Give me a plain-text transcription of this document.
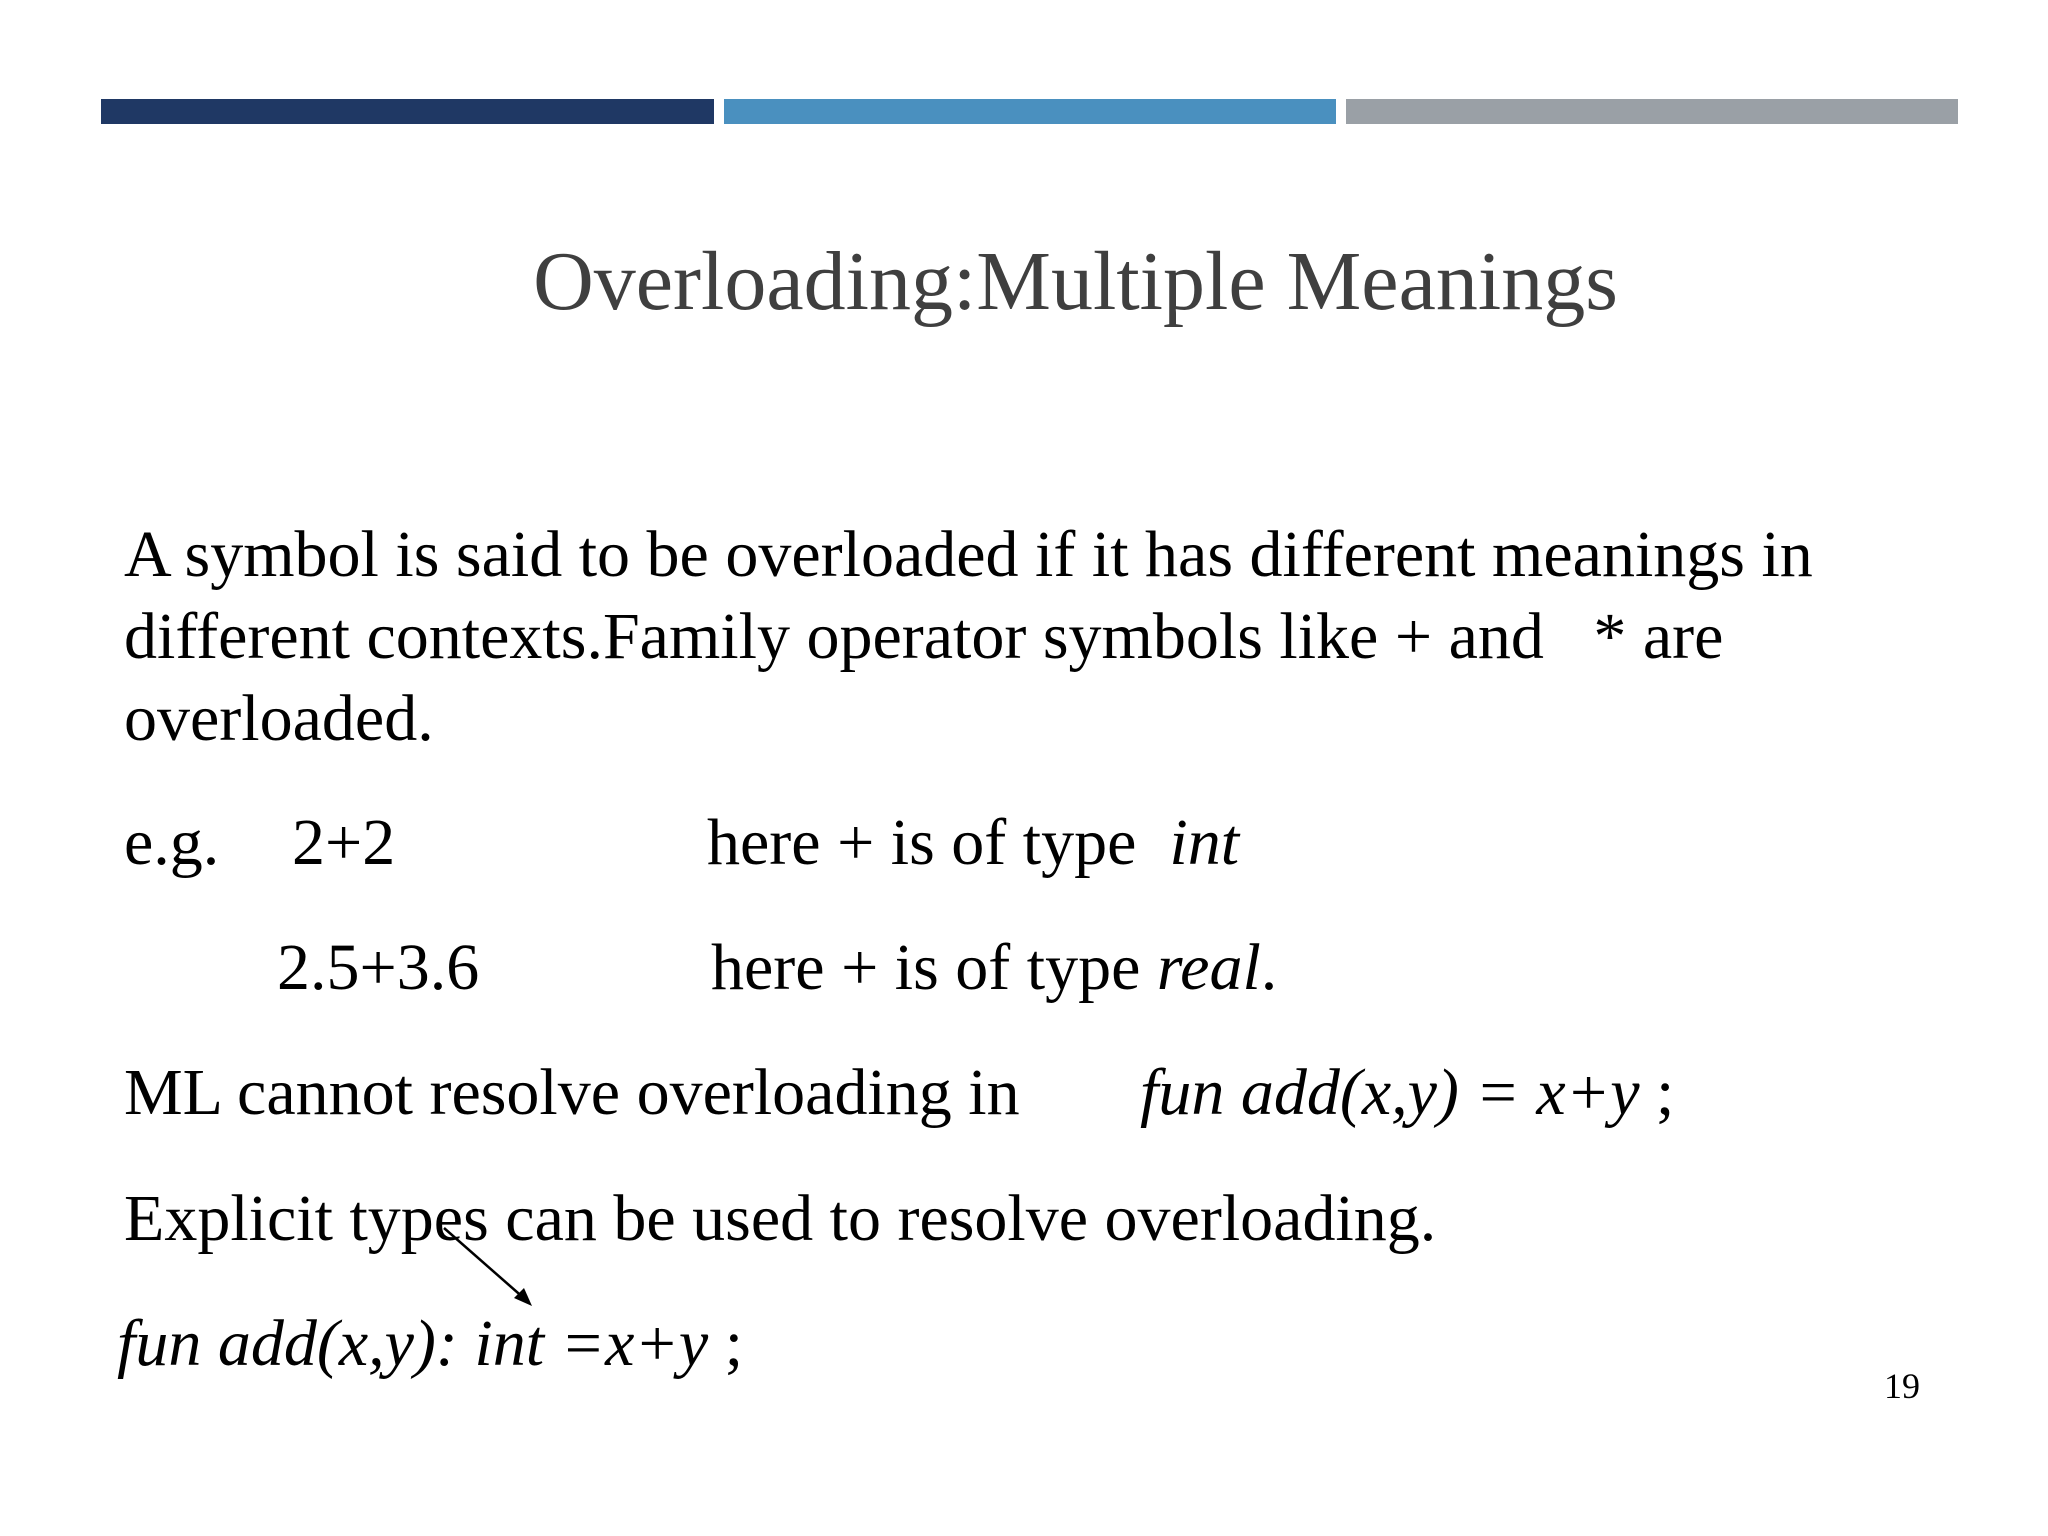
Overloading:Multiple Meanings
A symbol is said to be overloaded if it has different meanings in
different contexts.Family operator symbols like + and * are
overloaded.
e.g. 2+2	here + is of type int
2.5+3.6	here + is of type real.
ML cannot resolve overloading in fun add(x,y) = x+y ;
Explicit types can be used to resolve overloading.
fun add(x,y): int =x+y ;
19
